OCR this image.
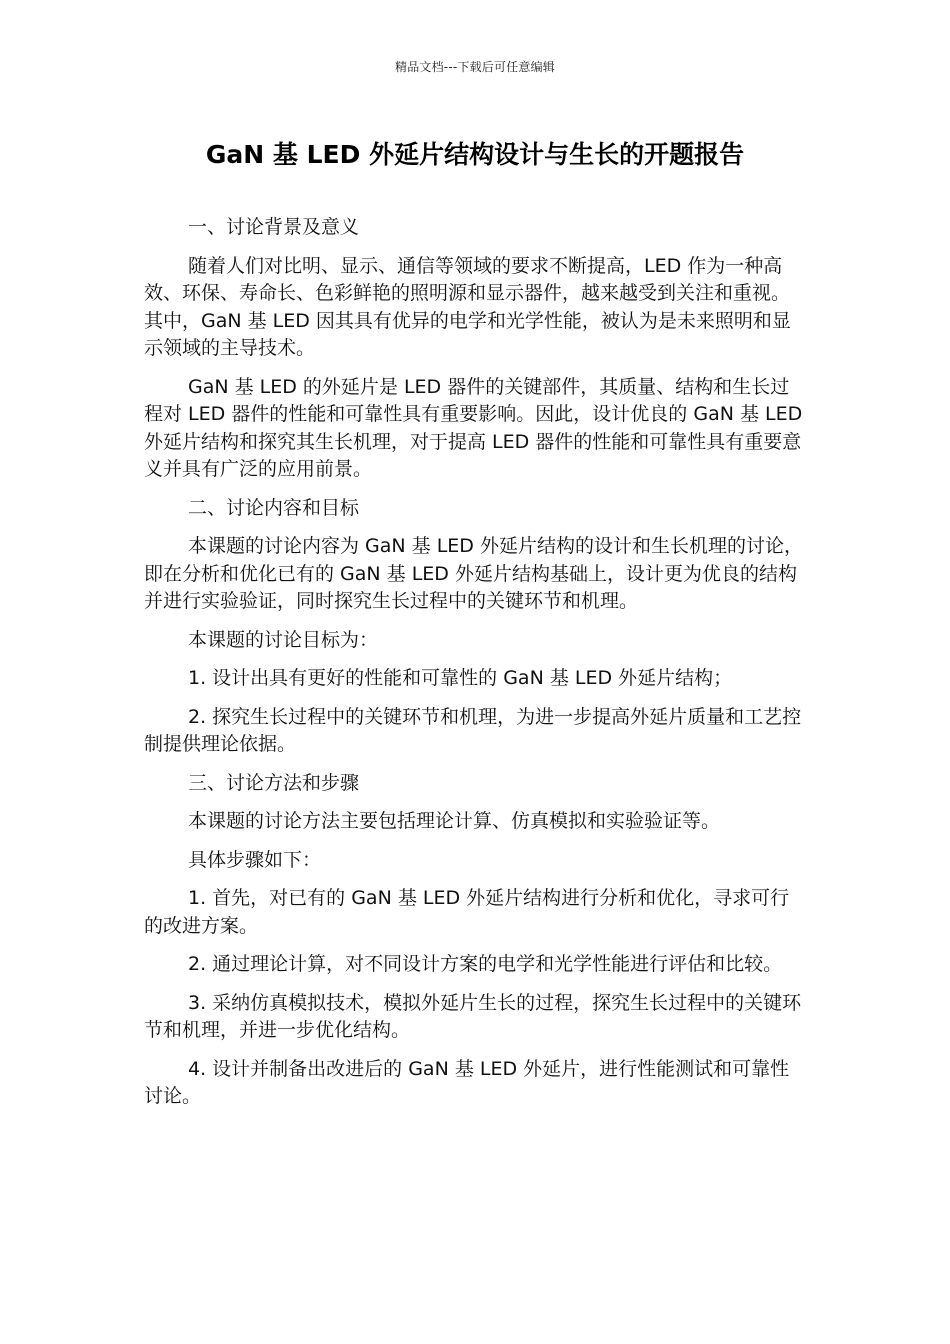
精品文档---下载后可任意编辑
GaN 基 LED 外延片结构设计与生长的开题报告

一、讨论背景及意义

随着人们对比明、显示、通信等领域的要求不断提高，LED 作为一种高效、环保、寿命长、色彩鲜艳的照明源和显示器件，越来越受到关注和重视。其中，GaN 基 LED 因其具有优异的电学和光学性能，被认为是未来照明和显示领域的主导技术。

GaN 基 LED 的外延片是 LED 器件的关键部件，其质量、结构和生长过程对 LED 器件的性能和可靠性具有重要影响。因此，设计优良的 GaN 基 LED 外延片结构和探究其生长机理，对于提高 LED 器件的性能和可靠性具有重要意义并具有广泛的应用前景。

二、讨论内容和目标

本课题的讨论内容为 GaN 基 LED 外延片结构的设计和生长机理的讨论，即在分析和优化已有的 GaN 基 LED 外延片结构基础上，设计更为优良的结构并进行实验验证，同时探究生长过程中的关键环节和机理。

本课题的讨论目标为：

1. 设计出具有更好的性能和可靠性的 GaN 基 LED 外延片结构；

2. 探究生长过程中的关键环节和机理，为进一步提高外延片质量和工艺控制提供理论依据。

三、讨论方法和步骤

本课题的讨论方法主要包括理论计算、仿真模拟和实验验证等。

具体步骤如下：

1. 首先，对已有的 GaN 基 LED 外延片结构进行分析和优化，寻求可行的改进方案。

2. 通过理论计算，对不同设计方案的电学和光学性能进行评估和比较。

3. 采纳仿真模拟技术，模拟外延片生长的过程，探究生长过程中的关键环节和机理，并进一步优化结构。

4. 设计并制备出改进后的 GaN 基 LED 外延片，进行性能测试和可靠性讨论。
